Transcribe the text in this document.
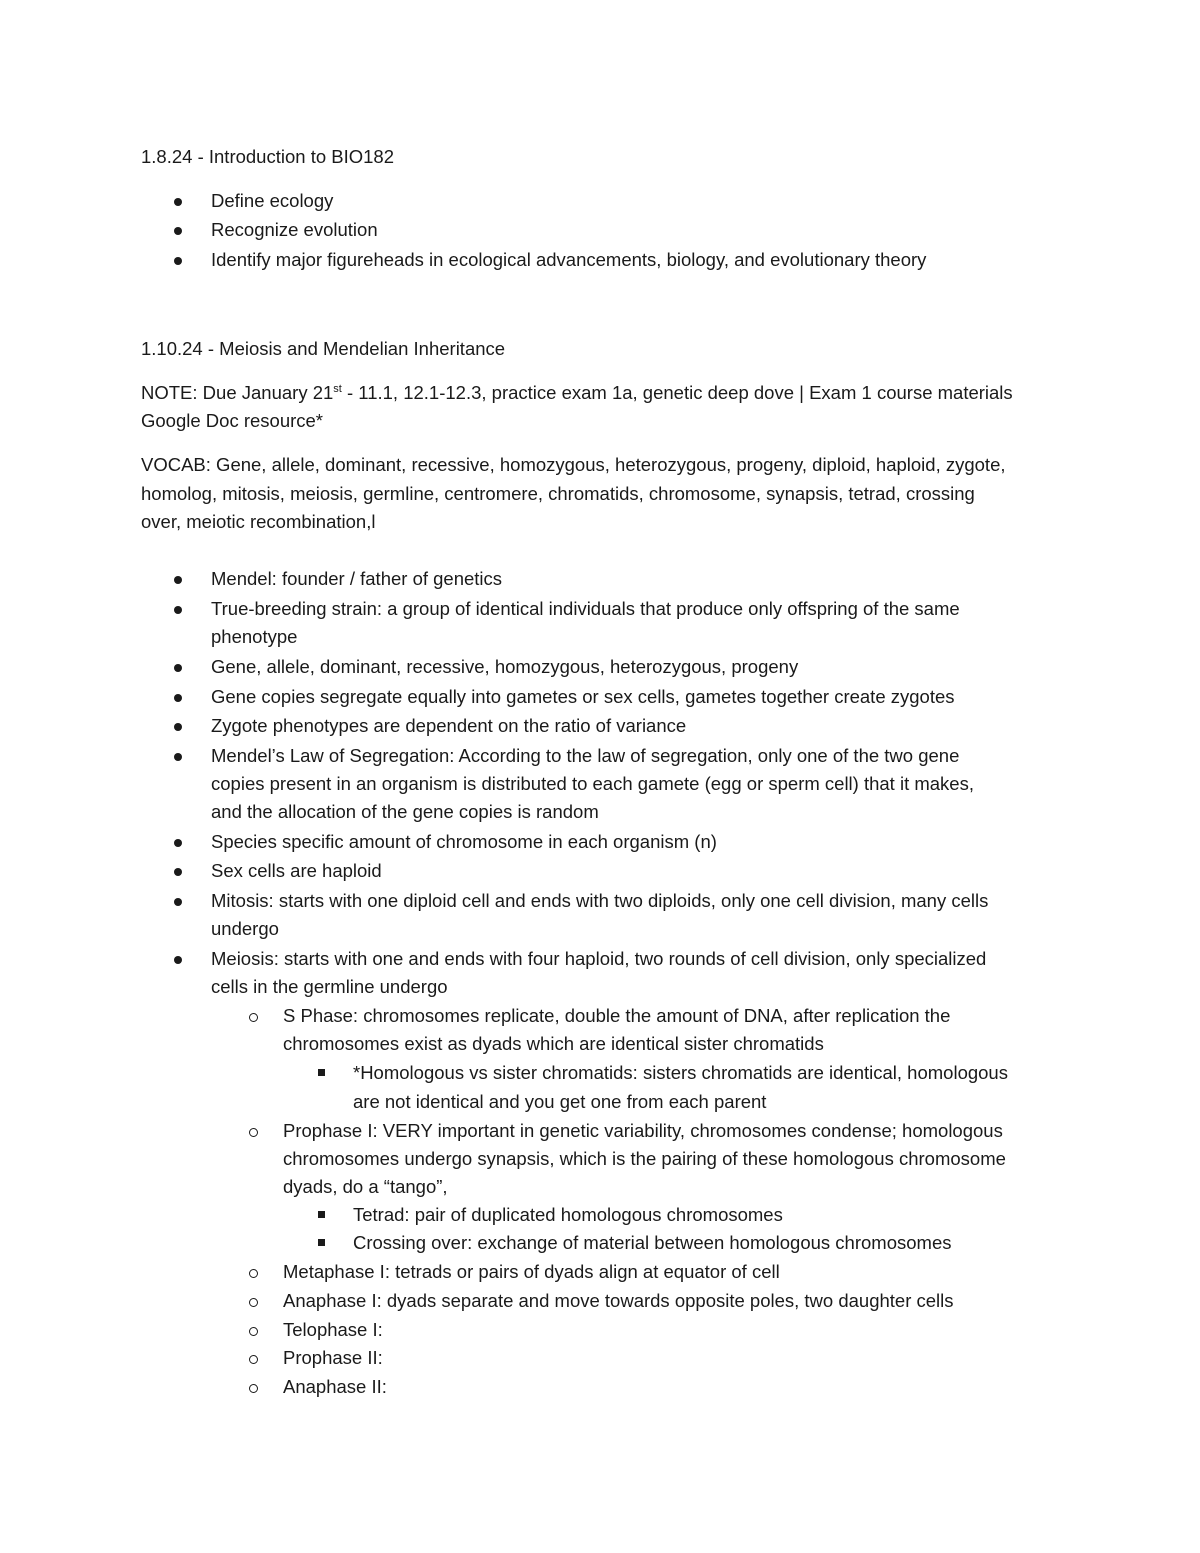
1.8.24 - Introduction to BIO182
Define ecology
Recognize evolution
Identify major figureheads in ecological advancements, biology, and evolutionary theory
1.10.24 - Meiosis and Mendelian Inheritance
NOTE: Due January 21st - 11.1, 12.1-12.3, practice exam 1a, genetic deep dove | Exam 1 course materials
Google Doc resource*
VOCAB: Gene, allele, dominant, recessive, homozygous, heterozygous, progeny, diploid, haploid, zygote,
homolog, mitosis, meiosis, germline, centromere, chromatids, chromosome, synapsis, tetrad, crossing
over, meiotic recombination,l
Mendel: founder / father of genetics
True-breeding strain: a group of identical individuals that produce only offspring of the same
phenotype
Gene, allele, dominant, recessive, homozygous, heterozygous, progeny
Gene copies segregate equally into gametes or sex cells, gametes together create zygotes
Zygote phenotypes are dependent on the ratio of variance
Mendel’s Law of Segregation: According to the law of segregation, only one of the two gene
copies present in an organism is distributed to each gamete (egg or sperm cell) that it makes,
and the allocation of the gene copies is random
Species specific amount of chromosome in each organism (n)
Sex cells are haploid
Mitosis: starts with one diploid cell and ends with two diploids, only one cell division, many cells
undergo
Meiosis: starts with one and ends with four haploid, two rounds of cell division, only specialized
cells in the germline undergo
S Phase: chromosomes replicate, double the amount of DNA, after replication the
chromosomes exist as dyads which are identical sister chromatids
*Homologous vs sister chromatids: sisters chromatids are identical, homologous
are not identical and you get one from each parent
Prophase I: VERY important in genetic variability, chromosomes condense; homologous
chromosomes undergo synapsis, which is the pairing of these homologous chromosome
dyads, do a “tango”,
Tetrad: pair of duplicated homologous chromosomes
Crossing over: exchange of material between homologous chromosomes
Metaphase I: tetrads or pairs of dyads align at equator of cell
Anaphase I: dyads separate and move towards opposite poles, two daughter cells
Telophase I:
Prophase II:
Anaphase II:
